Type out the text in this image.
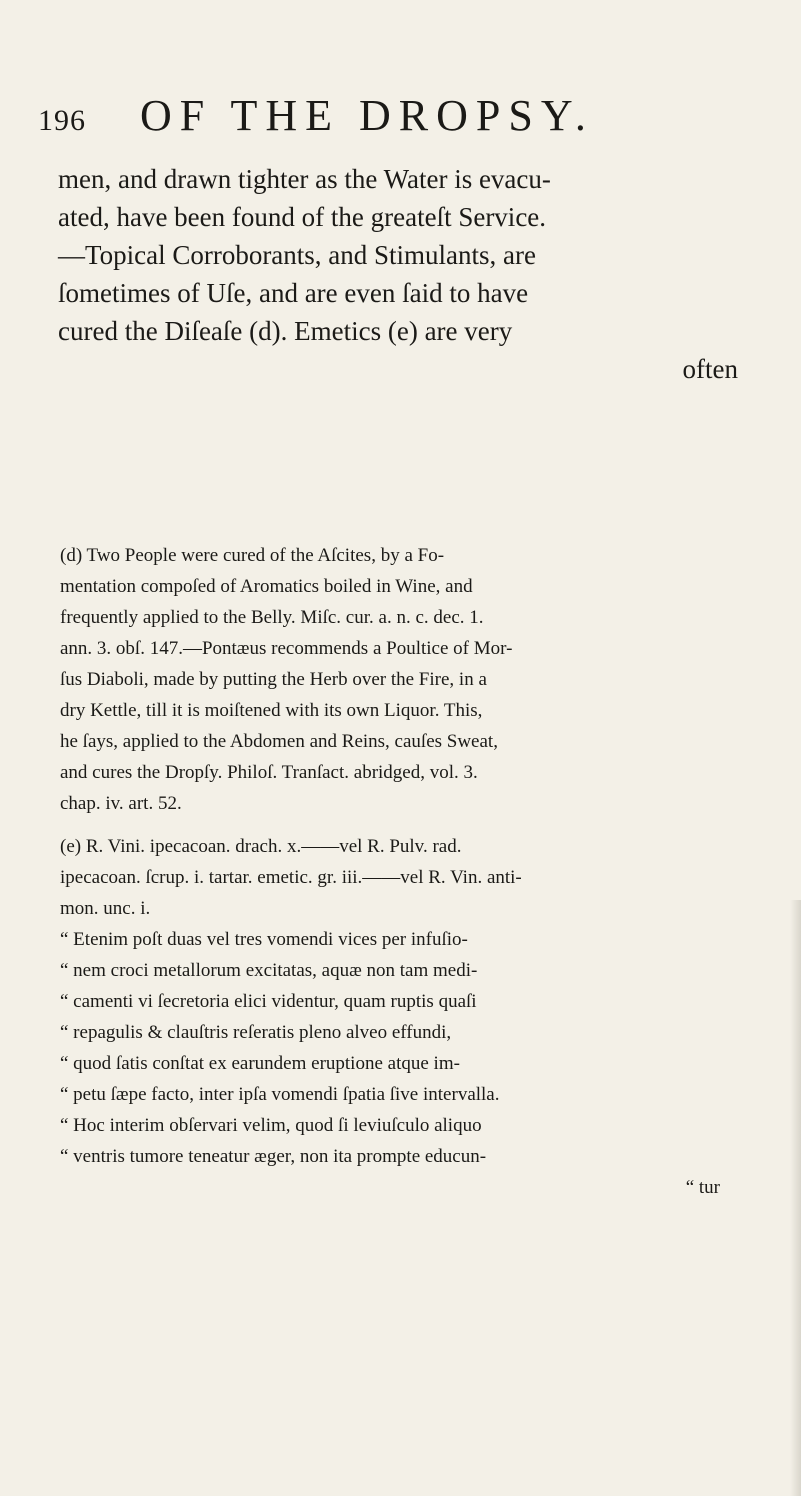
196 OF THE DROPSY.
men, and drawn tighter as the Water is evacu-
ated, have been found of the greateſt Service.
—Topical Corroborants, and Stimulants, are
ſometimes of Uſe, and are even ſaid to have
cured the Diſeaſe (d). Emetics (e) are very
often
(d) Two People were cured of the Aſcites, by a Fo-
mentation compoſed of Aromatics boiled in Wine, and
frequently applied to the Belly. Miſc. cur. a. n. c. dec. 1.
ann. 3. obſ. 147.—Pontæus recommends a Poultice of Mor-
ſus Diaboli, made by putting the Herb over the Fire, in a
dry Kettle, till it is moiſtened with its own Liquor. This,
he ſays, applied to the Abdomen and Reins, cauſes Sweat,
and cures the Dropſy. Philoſ. Tranſact. abridged, vol. 3.
chap. iv. art. 52.
(e) R. Vini. ipecacoan. drach. x.——vel R. Pulv. rad.
ipecacoan. ſcrup. i. tartar. emetic. gr. iii.——vel R. Vin. anti-
mon. unc. i.
“ Etenim poſt duas vel tres vomendi vices per infuſio-
“ nem croci metallorum excitatas, aquæ non tam medi-
“ camenti vi ſecretoria elici videntur, quam ruptis quaſi
“ repagulis & clauſtris reſeratis pleno alveo effundi,
“ quod ſatis conſtat ex earundem eruptione atque im-
“ petu ſæpe facto, inter ipſa vomendi ſpatia ſive intervalla.
“ Hoc interim obſervari velim, quod ſi leviuſculo aliquo
“ ventris tumore teneatur æger, non ita prompte educun-
“ tur
